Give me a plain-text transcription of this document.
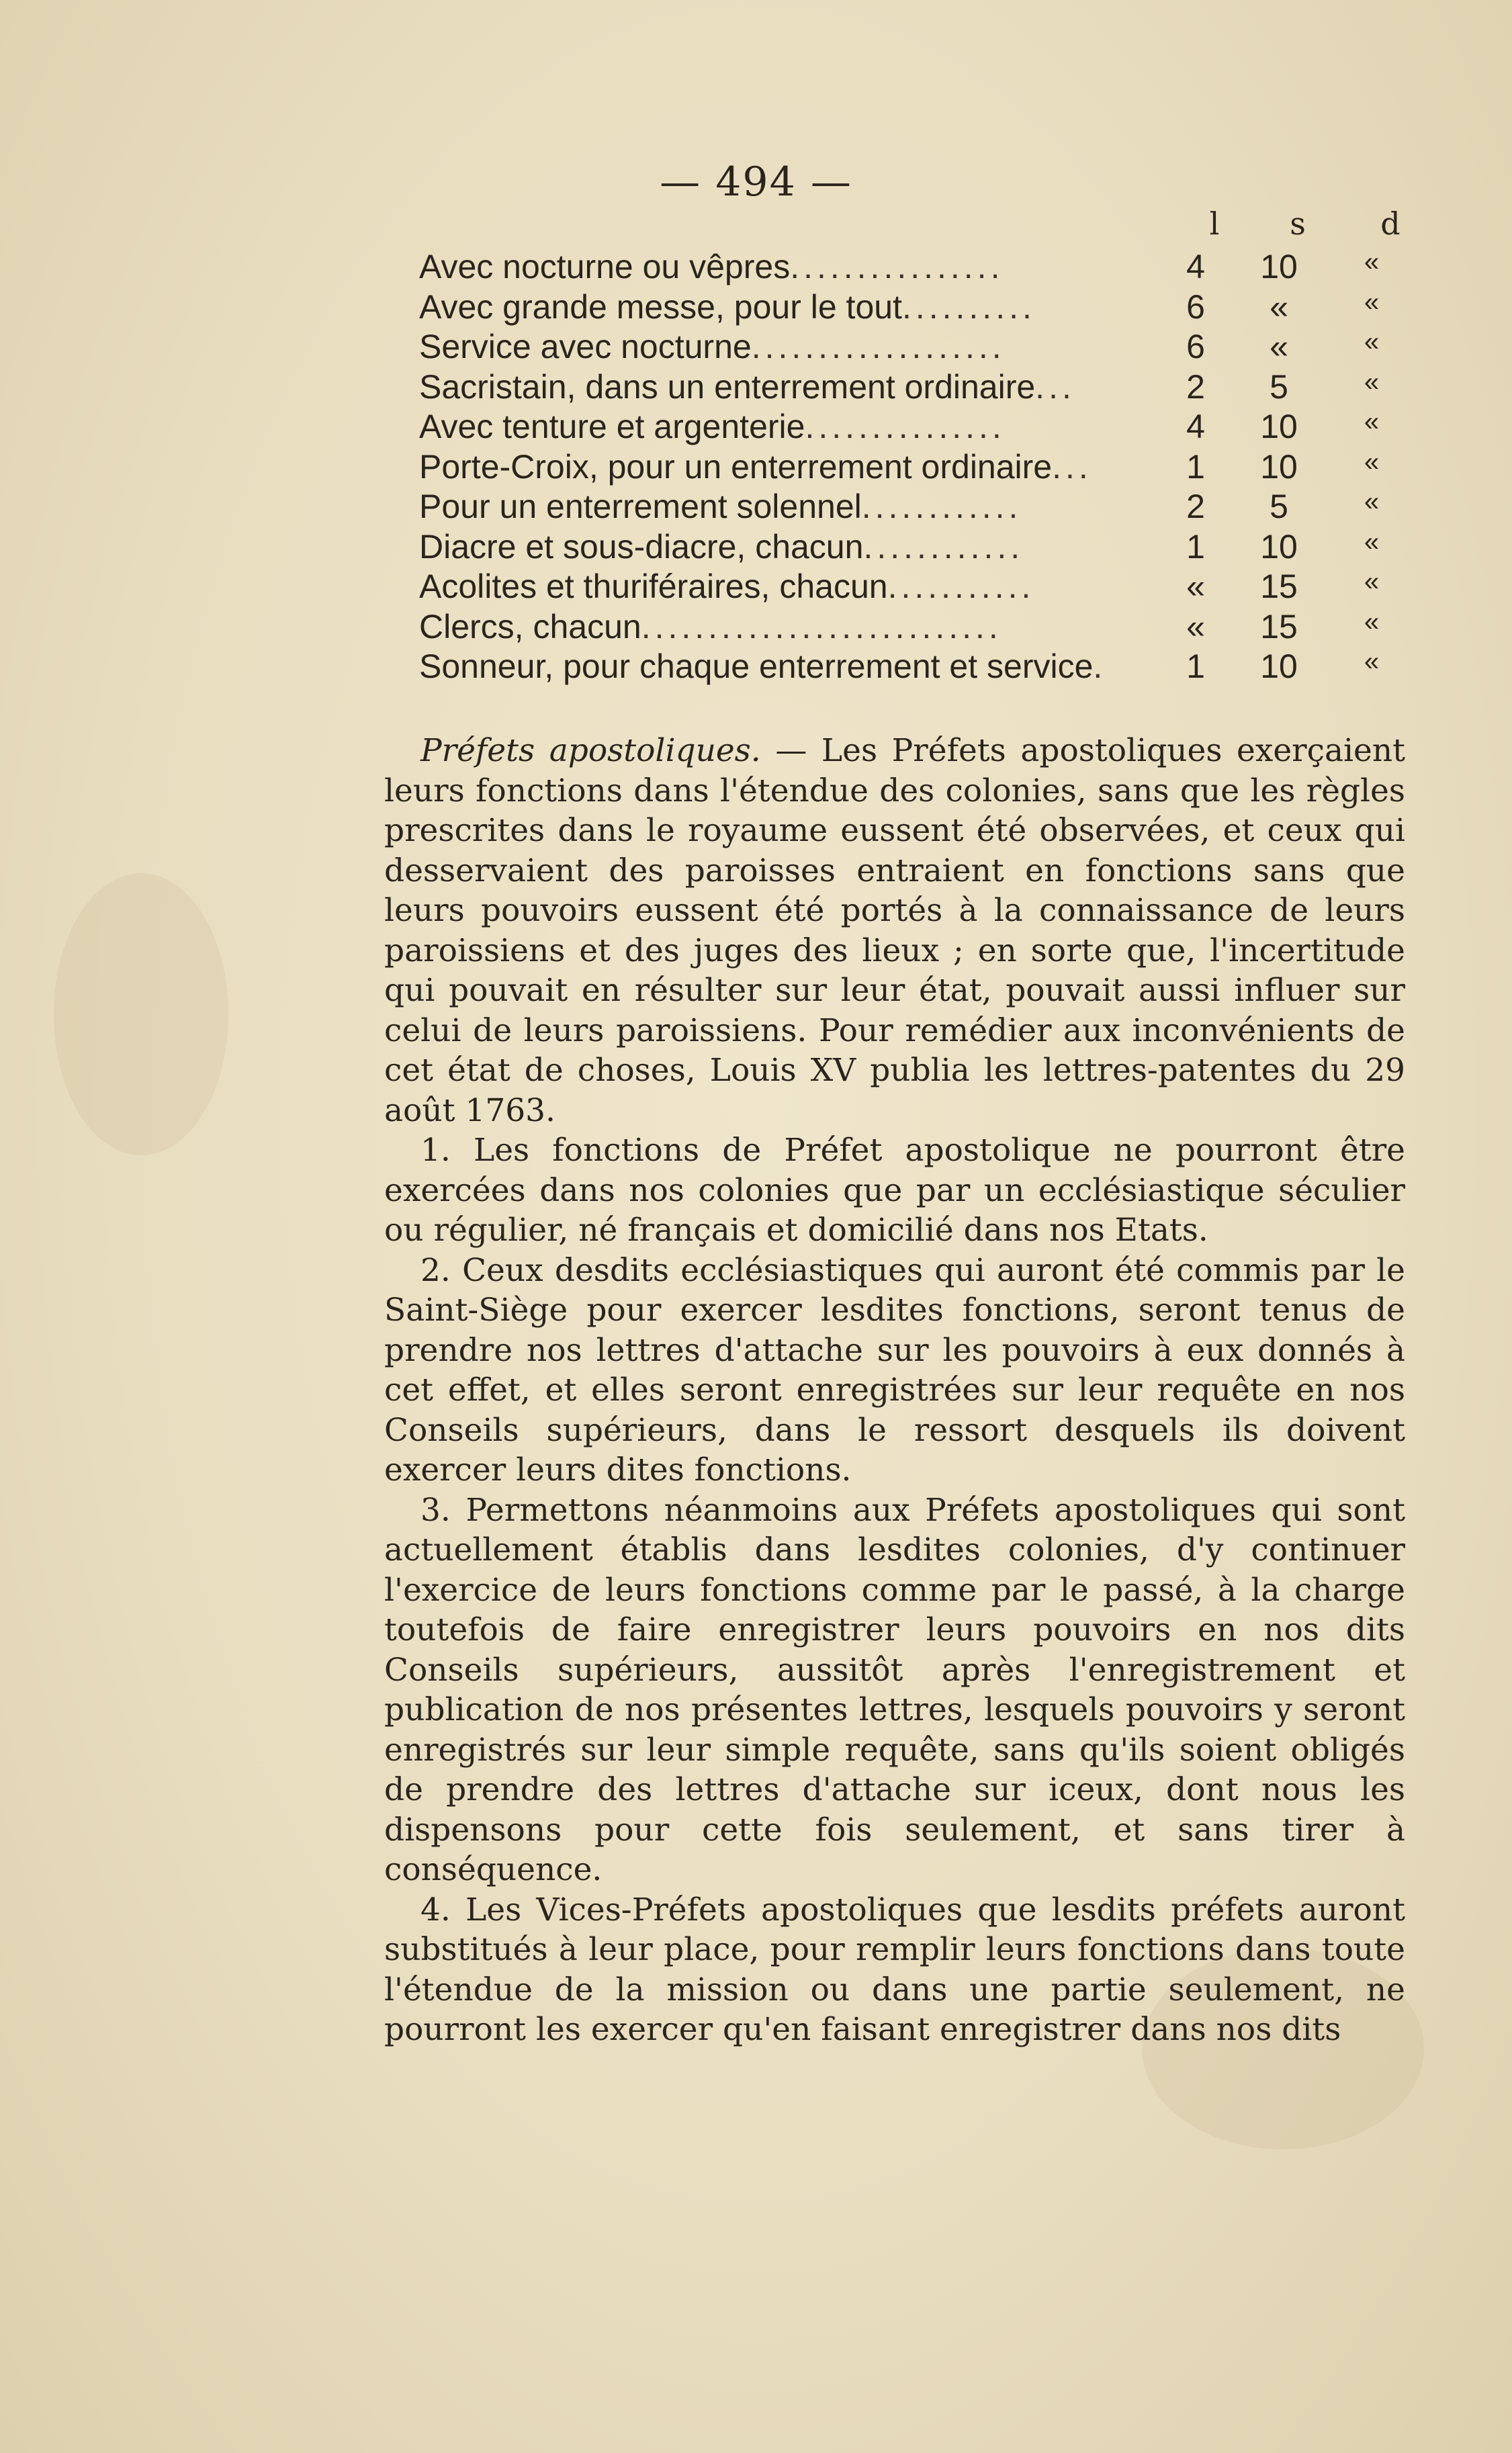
— 494 —
l	s	d
Avec nocturne ou vêpres................	4	10	«
Avec grande messe, pour le tout..........	6	«	«
Service avec nocturne...................	6	«	«
Sacristain, dans un enterrement ordinaire...	2	5	«
Avec tenture et argenterie...............	4	10	«
Porte-Croix, pour un enterrement ordinaire...	1	10	«
Pour un enterrement solennel............	2	5	«
Diacre et sous-diacre, chacun............	1	10	«
Acolites et thuriféraires, chacun...........	«	15	«
Clercs, chacun...........................	«	15	«
Sonneur, pour chaque enterrement et service.	1	10	«

Préfets apostoliques. — Les Préfets apostoliques exerçaient leurs fonctions dans l'étendue des colonies, sans que les règles prescrites dans le royaume eussent été observées, et ceux qui desservaient des paroisses entraient en fonctions sans que leurs pouvoirs eussent été portés à la connaissance de leurs paroissiens et des juges des lieux ; en sorte que, l'incertitude qui pouvait en résulter sur leur état, pouvait aussi influer sur celui de leurs paroissiens. Pour remédier aux inconvénients de cet état de choses, Louis XV publia les lettres-patentes du 29 août 1763.

1. Les fonctions de Préfet apostolique ne pourront être exercées dans nos colonies que par un ecclésiastique séculier ou régulier, né français et domicilié dans nos Etats.

2. Ceux desdits ecclésiastiques qui auront été commis par le Saint-Siège pour exercer lesdites fonctions, seront tenus de prendre nos lettres d'attache sur les pouvoirs à eux donnés à cet effet, et elles seront enregistrées sur leur requête en nos Conseils supérieurs, dans le ressort desquels ils doivent exercer leurs dites fonctions.

3. Permettons néanmoins aux Préfets apostoliques qui sont actuellement établis dans lesdites colonies, d'y continuer l'exercice de leurs fonctions comme par le passé, à la charge toutefois de faire enregistrer leurs pouvoirs en nos dits Conseils supérieurs, aussitôt après l'enregistrement et publication de nos présentes lettres, lesquels pouvoirs y seront enregistrés sur leur simple requête, sans qu'ils soient obligés de prendre des lettres d'attache sur iceux, dont nous les dispensons pour cette fois seulement, et sans tirer à conséquence.

4. Les Vices-Préfets apostoliques que lesdits préfets auront substitués à leur place, pour remplir leurs fonctions dans toute l'étendue de la mission ou dans une partie seulement, ne pourront les exercer qu'en faisant enregistrer dans nos dits
